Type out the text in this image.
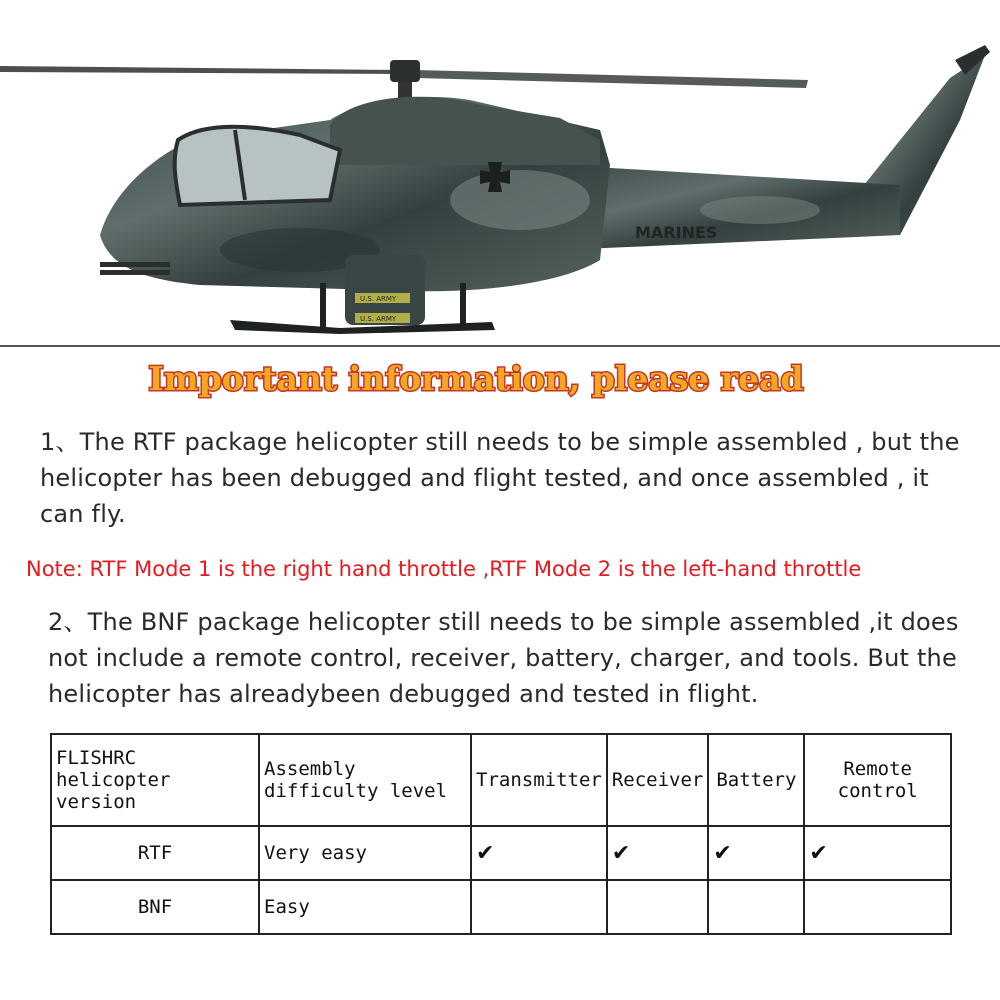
U.S. ARMY
U.S. ARMY
MARINES
Important information, please read
1、The RTF package helicopter still needs to be simple assembled , but the helicopter has been debugged and flight tested, and once assembled , it can fly.
Note: RTF Mode 1 is the right hand throttle ,RTF Mode 2 is the left-hand throttle
2、The BNF package helicopter still needs to be simple assembled ,it does not include a remote control, receiver, battery, charger, and tools. But the helicopter has alreadybeen debugged and tested in flight.
FLISHRC helicopter version	Assembly difficulty level	Transmitter	Receiver	Battery	Remote control
RTF	Very easy	✔	✔	✔	✔
BNF	Easy				
